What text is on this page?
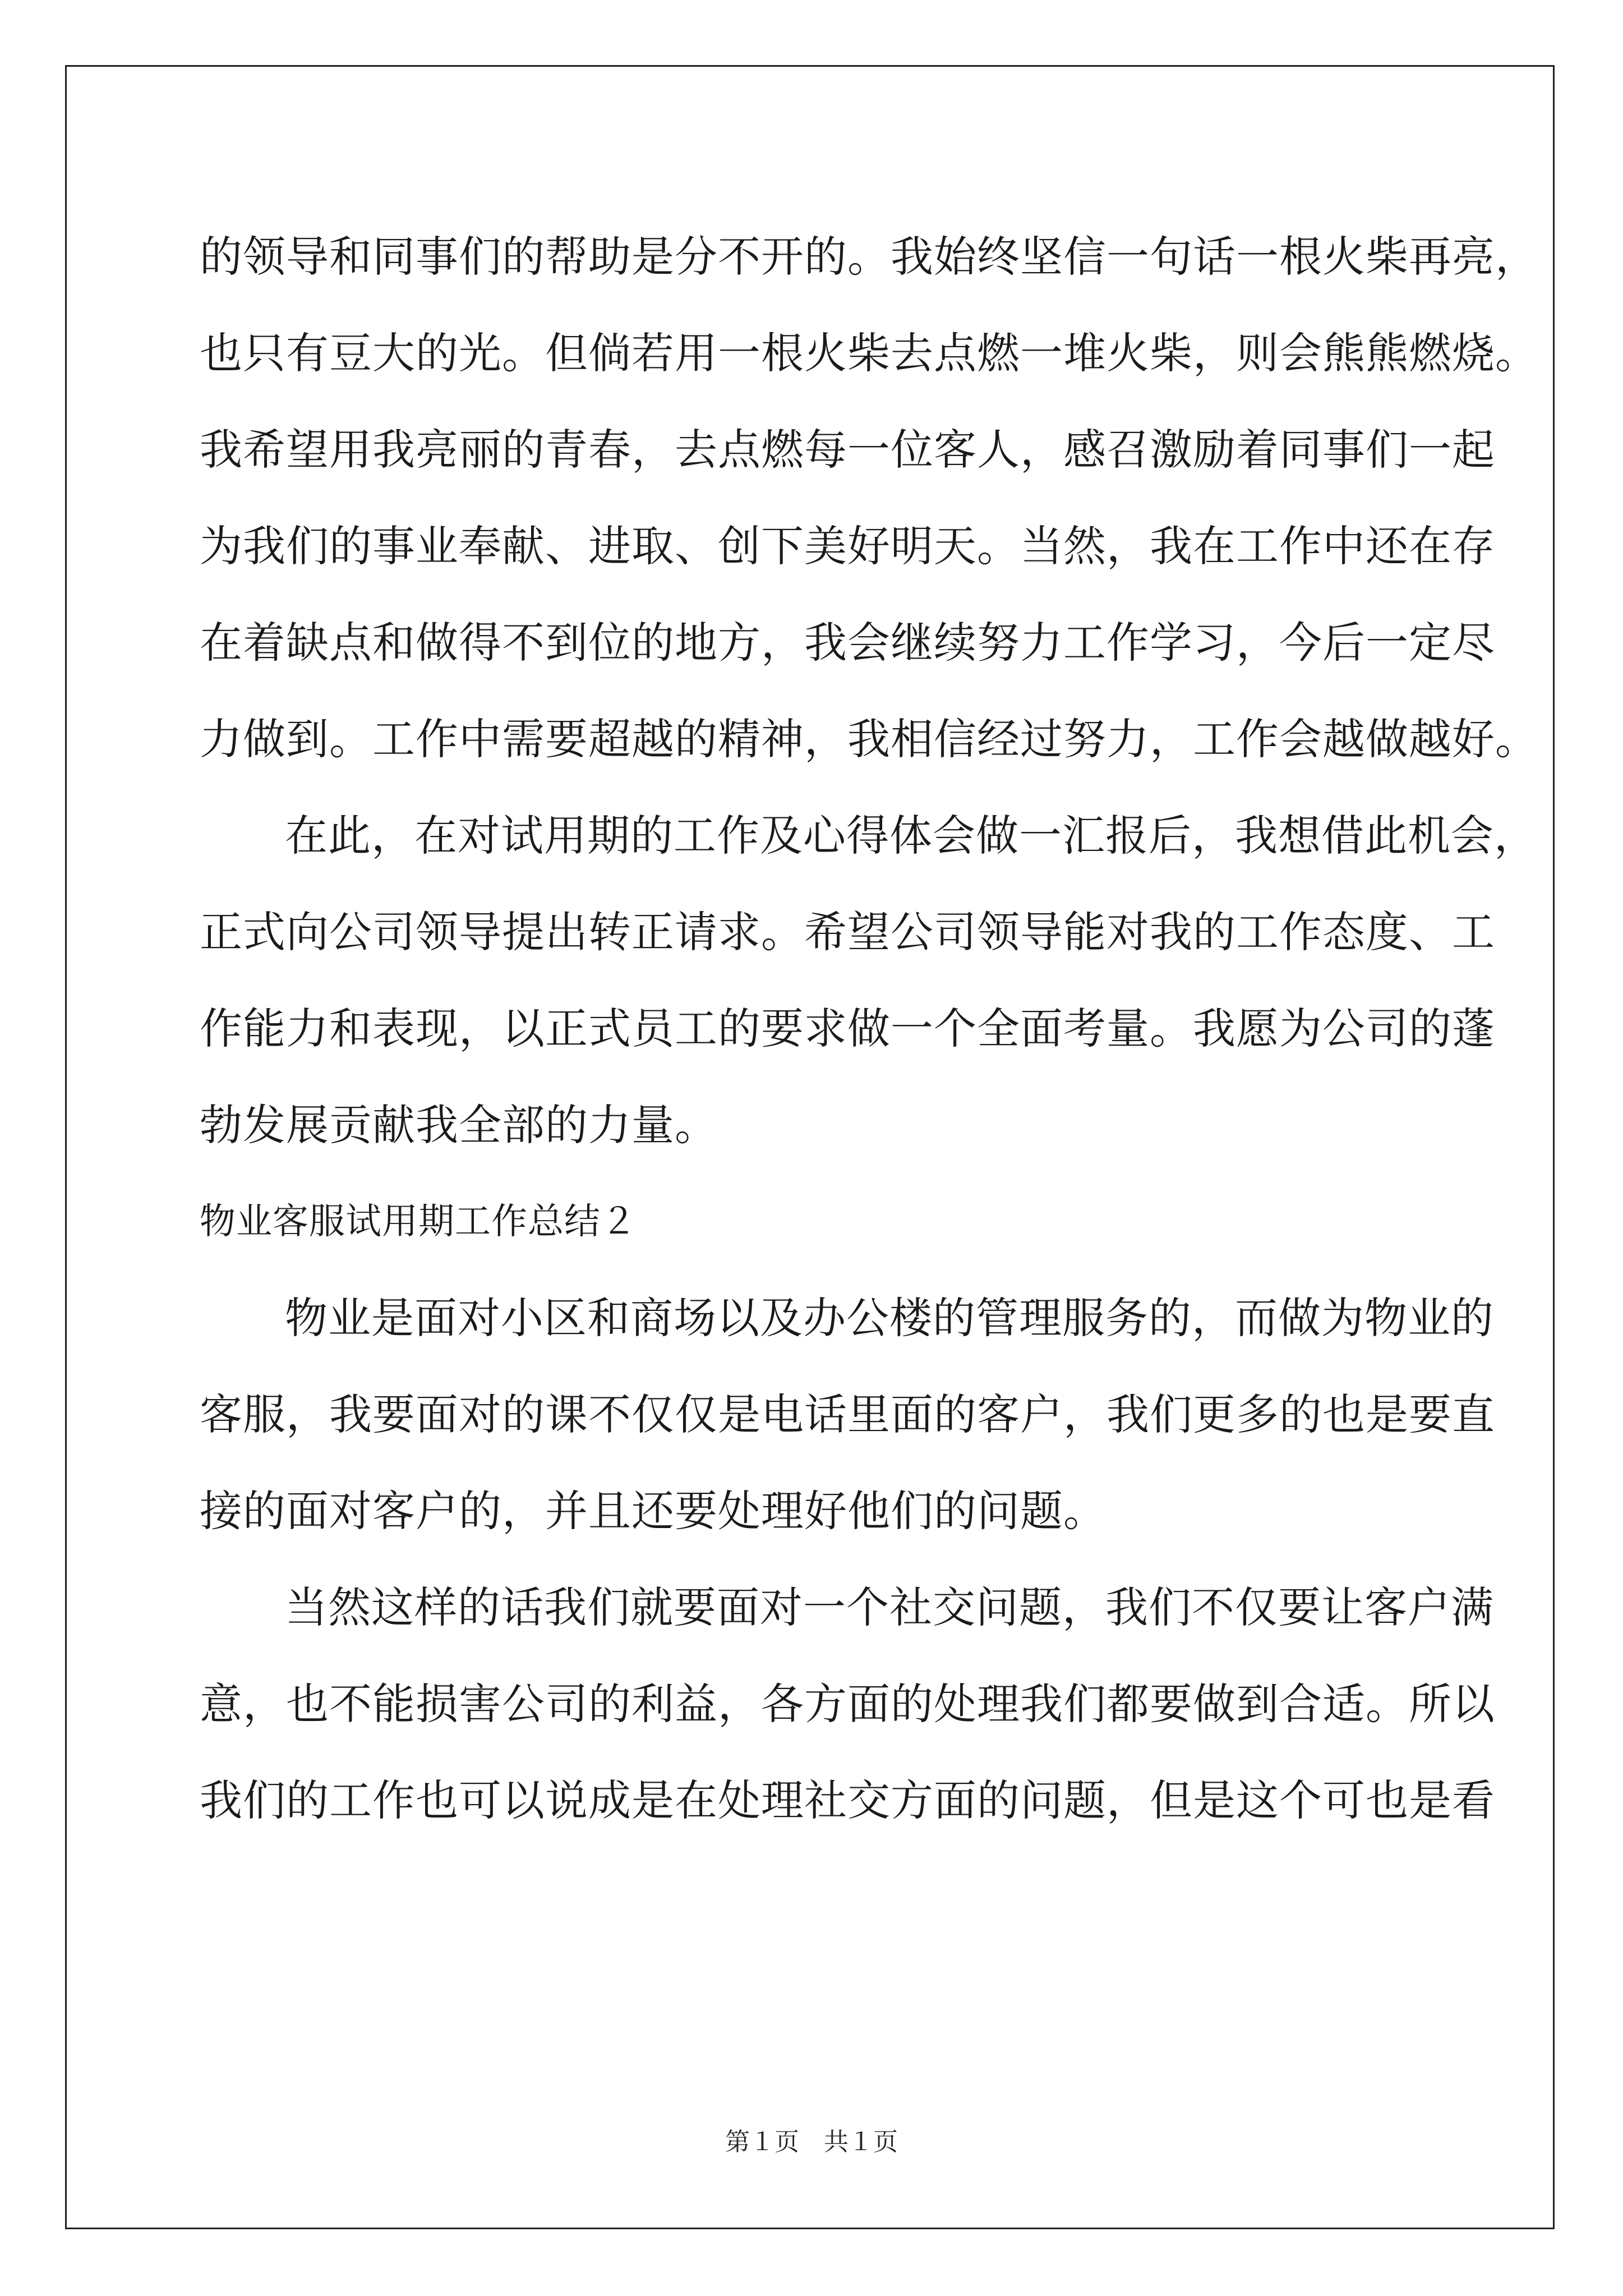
的领导和同事们的帮助是分不开的。我始终坚信一句话一根火柴再亮，
也只有豆大的光。但倘若用一根火柴去点燃一堆火柴，则会熊熊燃烧。
我希望用我亮丽的青春，去点燃每一位客人，感召激励着同事们一起
为我们的事业奉献、进取、创下美好明天。当然，我在工作中还在存
在着缺点和做得不到位的地方，我会继续努力工作学习，今后一定尽
力做到。工作中需要超越的精神，我相信经过努力，工作会越做越好。
在此，在对试用期的工作及心得体会做一汇报后，我想借此机会，
正式向公司领导提出转正请求。希望公司领导能对我的工作态度、工
作能力和表现，以正式员工的要求做一个全面考量。我愿为公司的蓬
勃发展贡献我全部的力量。
物业客服试用期工作总结２
物业是面对小区和商场以及办公楼的管理服务的，而做为物业的
客服，我要面对的课不仅仅是电话里面的客户，我们更多的也是要直
接的面对客户的，并且还要处理好他们的问题。
当然这样的话我们就要面对一个社交问题，我们不仅要让客户满
意，也不能损害公司的利益，各方面的处理我们都要做到合适。所以
我们的工作也可以说成是在处理社交方面的问题，但是这个可也是看
第１页　共１页
